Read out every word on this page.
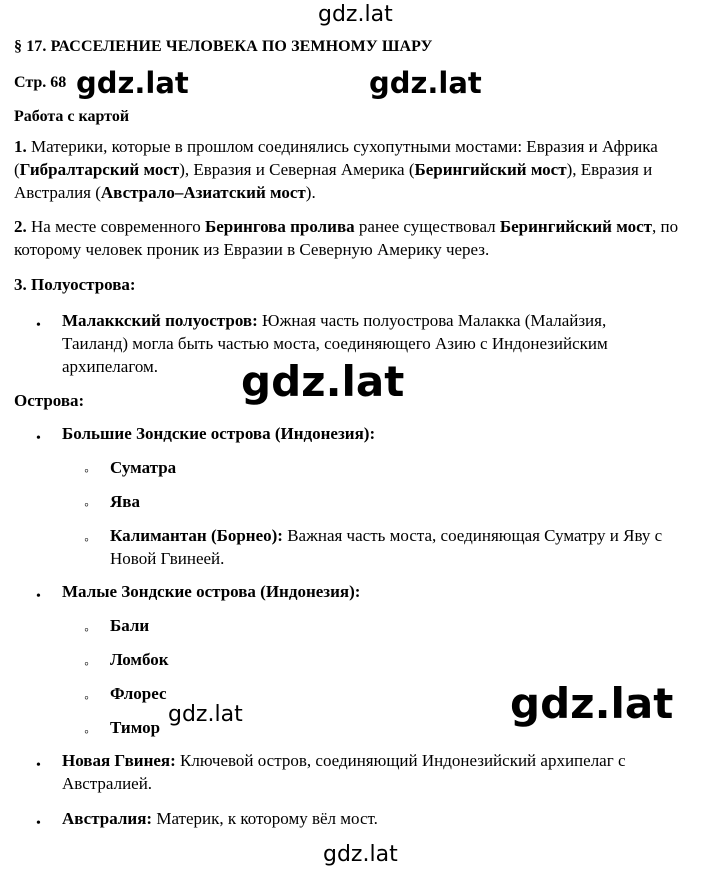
gdz.lat
gdz.lat	gdz.lat
gdz.lat
gdz.lat	gdz.lat
gdz.lat
§ 17. РАССЕЛЕНИЕ ЧЕЛОВЕКА ПО ЗЕМНОМУ ШАРУ
Стр. 68
Работа с картой
1. Материки, которые в прошлом соединялись сухопутными мостами: Евразия и Африка (Гибралтарский мост), Евразия и Северная Америка (Берингийский мост), Евразия и Австралия (Австрало–Азиатский мост).
2. На месте современного Берингова пролива ранее существовал Берингийский мост, по которому человек проник из Евразии в Северную Америку через.
3. Полуострова:
•
Малаккский полуостров: Южная часть полуострова Малакка (Малайзия, Таиланд) могла быть частью моста, соединяющего Азию с Индонезийским архипелагом.
Острова:
•
Большие Зондские острова (Индонезия):
◦
Суматра
◦
Ява
◦
Калимантан (Борнео): Важная часть моста, соединяющая Суматру и Яву с Новой Гвинеей.
•
Малые Зондские острова (Индонезия):
◦
Бали
◦
Ломбок
◦
Флорес
◦
Тимор
•
Новая Гвинея: Ключевой остров, соединяющий Индонезийский архипелаг с Австралией.
•
Австралия: Материк, к которому вёл мост.
